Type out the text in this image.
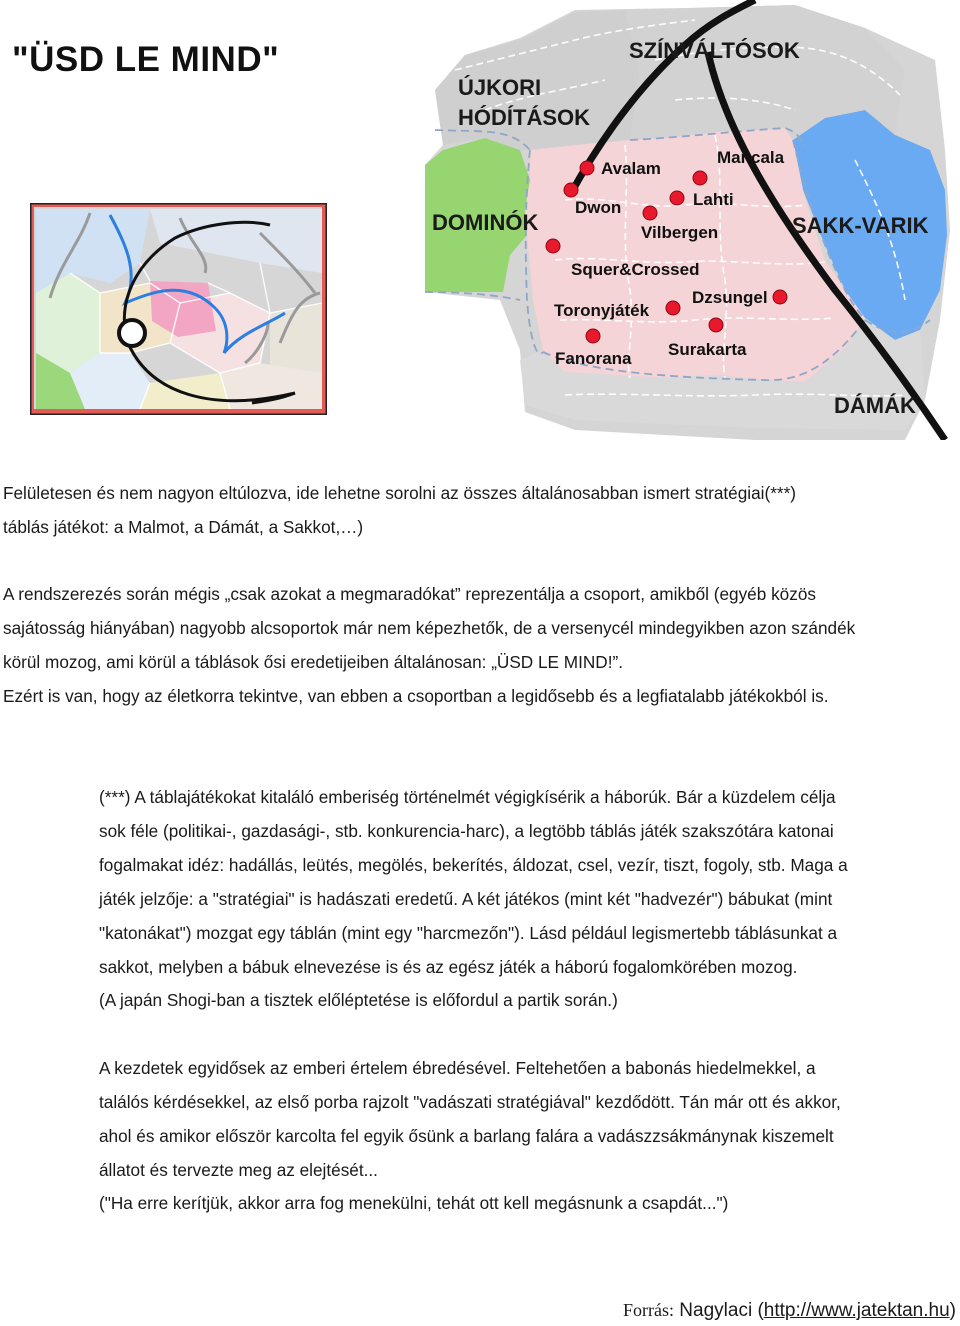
"ÜSD LE MIND"	SZÍNVÁLTÓSOK
ÚJKORI
HÓDÍTÁSOK
DOMINÓK	SAKK-VARIK
DÁMÁK
Avalam
Mancala
Dwon	Lahti
Vilbergen
Squer&Crossed
Dzsungel
Toronyjáték
Surakarta
Fanorana
Felületesen és nem nagyon eltúlozva, ide lehetne sorolni az összes általánosabban ismert stratégiai(***)
táblás játékot: a Malmot, a Dámát, a Sakkot,…)
A rendszerezés során mégis „csak azokat a megmaradókat” reprezentálja a csoport, amikből (egyéb közös
sajátosság hiányában) nagyobb alcsoportok már nem képezhetők, de a versenycél mindegyikben azon szándék
körül mozog, ami körül a táblások ősi eredetijeiben általánosan: „ÜSD LE MIND!”.
Ezért is van, hogy az életkorra tekintve, van ebben a csoportban a legidősebb és a legfiatalabb játékokból is.
(***) A táblajátékokat kitaláló emberiség történelmét végigkísérik a háborúk. Bár a küzdelem célja
sok féle (politikai-, gazdasági-, stb. konkurencia-harc), a legtöbb táblás játék szakszótára katonai
fogalmakat idéz: hadállás, leütés, megölés, bekerítés, áldozat, csel, vezír, tiszt, fogoly, stb. Maga a
játék jelzője: a "stratégiai" is hadászati eredetű. A két játékos (mint két "hadvezér") bábukat (mint
"katonákat") mozgat egy táblán (mint egy "harcmezőn"). Lásd például legismertebb táblásunkat a
sakkot, melyben a bábuk elnevezése is és az egész játék a háború fogalomkörében mozog.
(A japán Shogi-ban a tisztek előléptetése is előfordul a partik során.)
A kezdetek egyidősek az emberi értelem ébredésével. Feltehetően a babonás hiedelmekkel, a
találós kérdésekkel, az első porba rajzolt "vadászati stratégiával" kezdődött. Tán már ott és akkor,
ahol és amikor először karcolta fel egyik ősünk a barlang falára a vadászzsákmánynak kiszemelt
állatot és tervezte meg az elejtését...
("Ha erre kerítjük, akkor arra fog menekülni, tehát ott kell megásnunk a csapdát...")
Forrás: Nagylaci (http://www.jatektan.hu)
